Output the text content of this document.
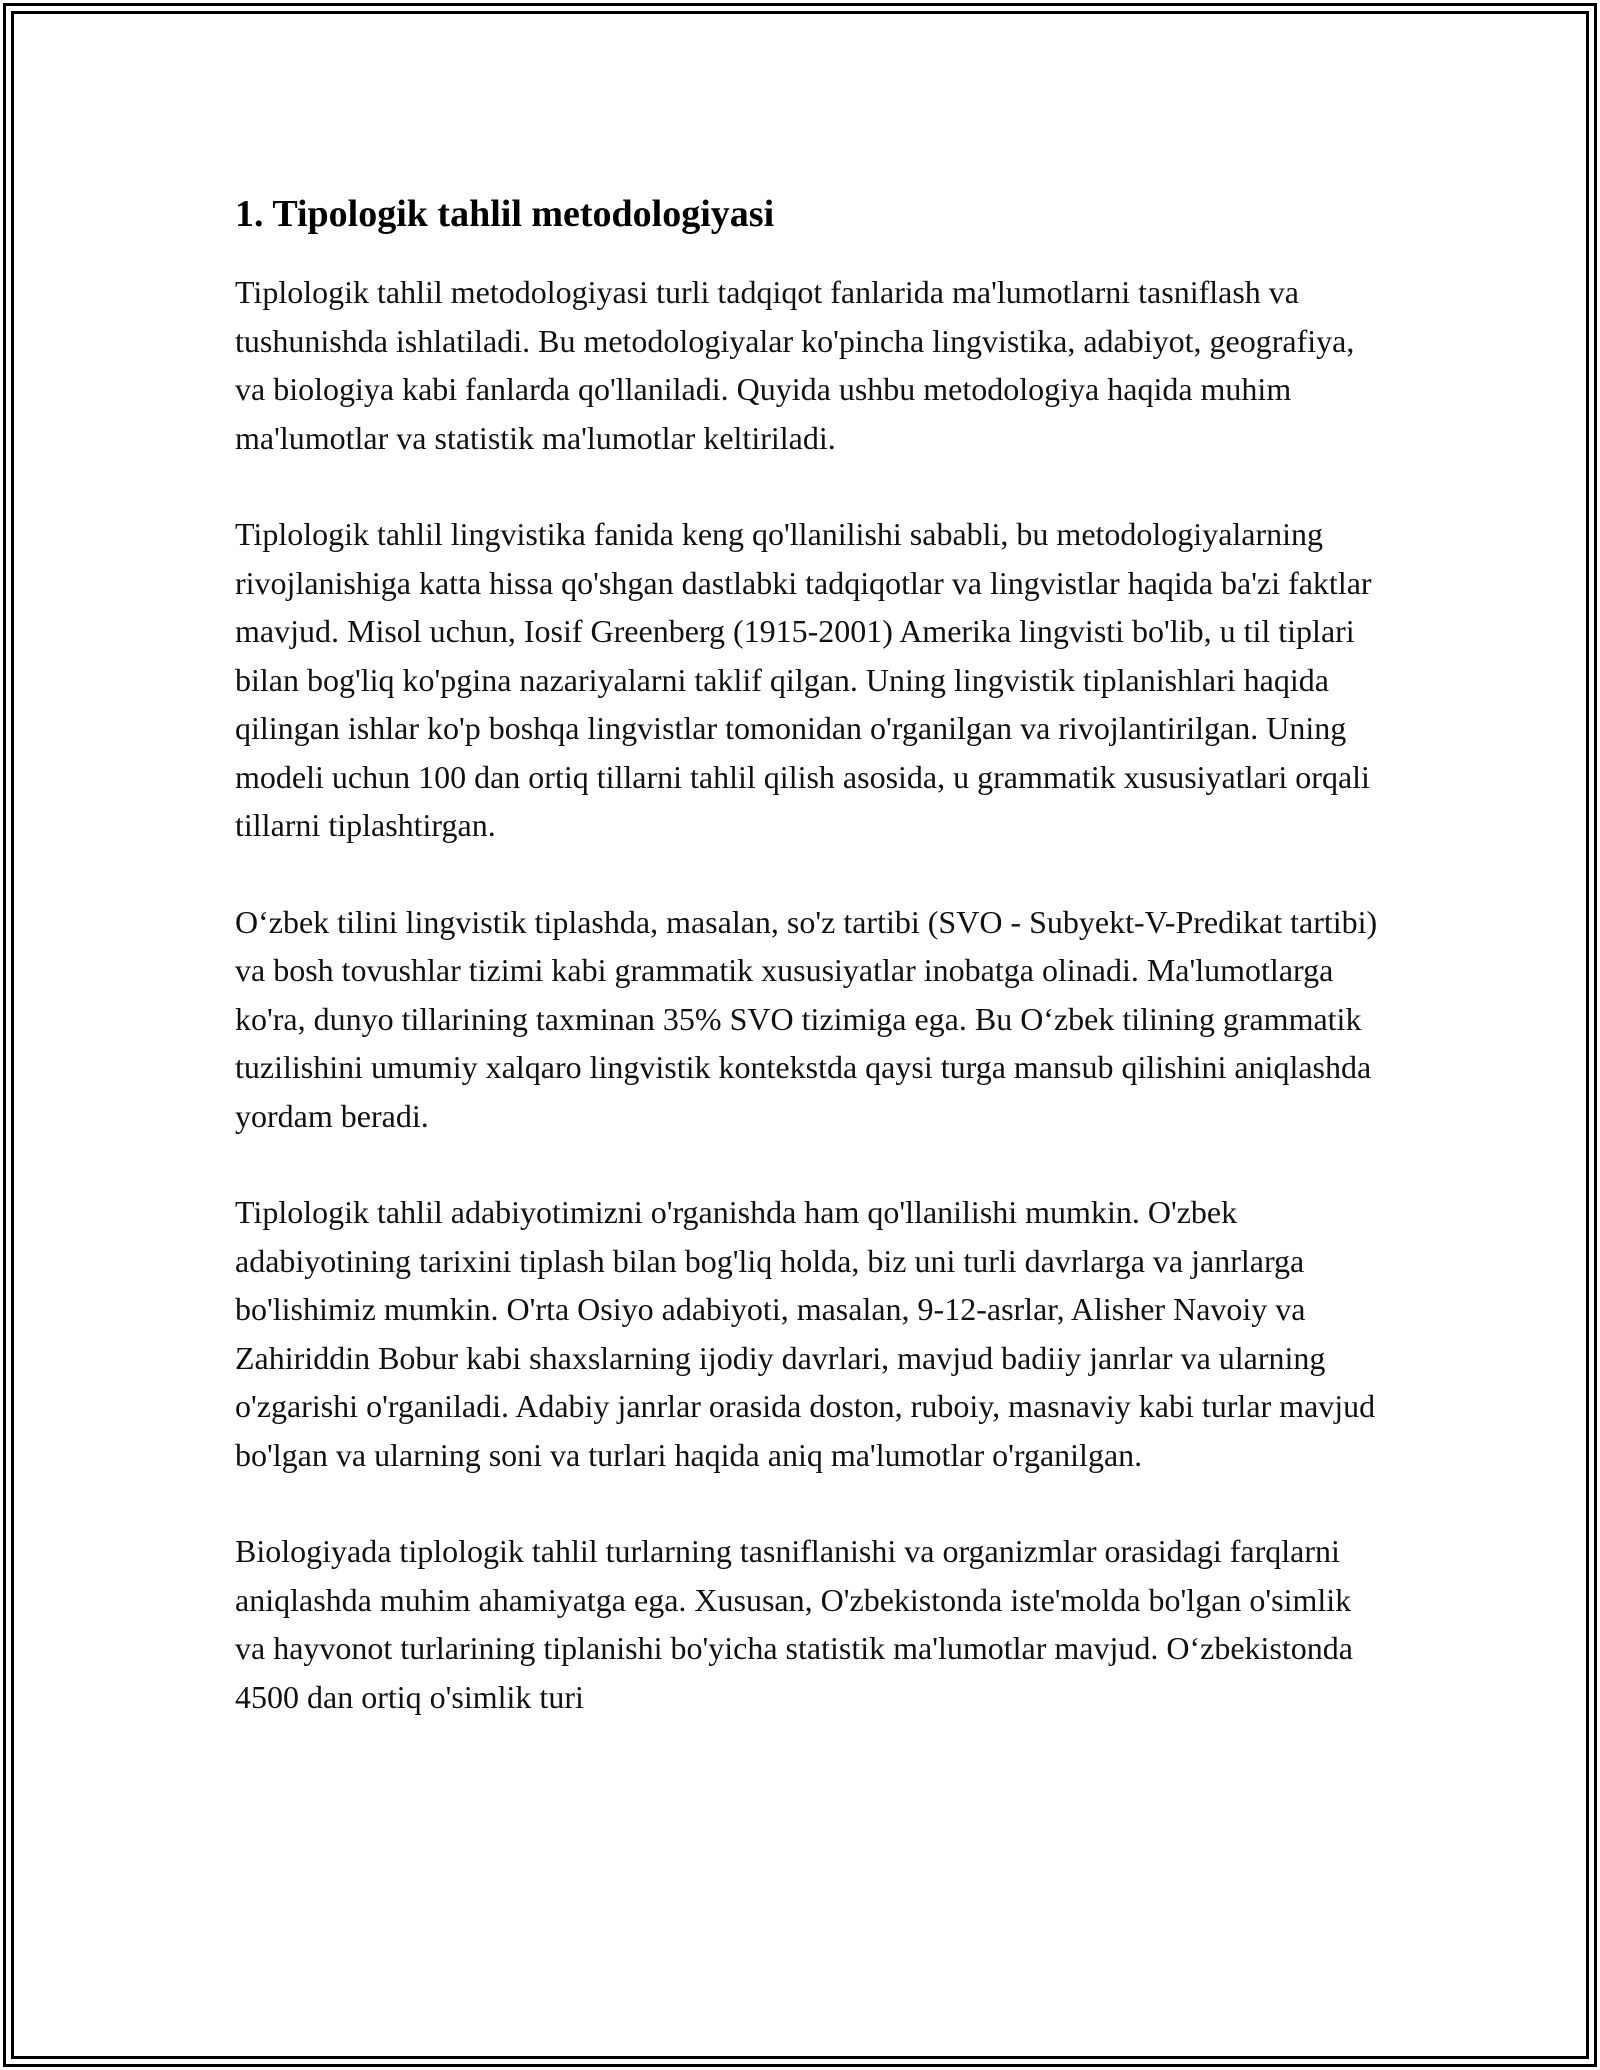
1. Tipologik tahlil metodologiyasi

Tiplologik tahlil metodologiyasi turli tadqiqot fanlarida ma'lumotlarni tasniflash va tushunishda ishlatiladi. Bu metodologiyalar ko'pincha lingvistika, adabiyot, geografiya, va biologiya kabi fanlarda qo'llaniladi. Quyida ushbu metodologiya haqida muhim ma'lumotlar va statistik ma'lumotlar keltiriladi.

Tiplologik tahlil lingvistika fanida keng qo'llanilishi sababli, bu metodologiyalarning rivojlanishiga katta hissa qo'shgan dastlabki tadqiqotlar va lingvistlar haqida ba'zi faktlar mavjud. Misol uchun, Iosif Greenberg (1915-2001) Amerika lingvisti bo'lib, u til tiplari bilan bog'liq ko'pgina nazariyalarni taklif qilgan. Uning lingvistik tiplanishlari haqida qilingan ishlar ko'p boshqa lingvistlar tomonidan o'rganilgan va rivojlantirilgan. Uning modeli uchun 100 dan ortiq tillarni tahlil qilish asosida, u grammatik xususiyatlari orqali tillarni tiplashtirgan.

O‘zbek tilini lingvistik tiplashda, masalan, so'z tartibi (SVO - Subyekt-V-Predikat tartibi) va bosh tovushlar tizimi kabi grammatik xususiyatlar inobatga olinadi. Ma'lumotlarga ko'ra, dunyo tillarining taxminan 35% SVO tizimiga ega. Bu O‘zbek tilining grammatik tuzilishini umumiy xalqaro lingvistik kontekstda qaysi turga mansub qilishini aniqlashda yordam beradi.

Tiplologik tahlil adabiyotimizni o'rganishda ham qo'llanilishi mumkin. O'zbek adabiyotining tarixini tiplash bilan bog'liq holda, biz uni turli davrlarga va janrlarga bo'lishimiz mumkin. O'rta Osiyo adabiyoti, masalan, 9-12-asrlar, Alisher Navoiy va Zahiriddin Bobur kabi shaxslarning ijodiy davrlari, mavjud badiiy janrlar va ularning o'zgarishi o'rganiladi. Adabiy janrlar orasida doston, ruboiy, masnaviy kabi turlar mavjud bo'lgan va ularning soni va turlari haqida aniq ma'lumotlar o'rganilgan.

Biologiyada tiplologik tahlil turlarning tasniflanishi va organizmlar orasidagi farqlarni aniqlashda muhim ahamiyatga ega. Xususan, O'zbekistonda iste'molda bo'lgan o'simlik va hayvonot turlarining tiplanishi bo'yicha statistik ma'lumotlar mavjud. O‘zbekistonda 4500 dan ortiq o'simlik turi
